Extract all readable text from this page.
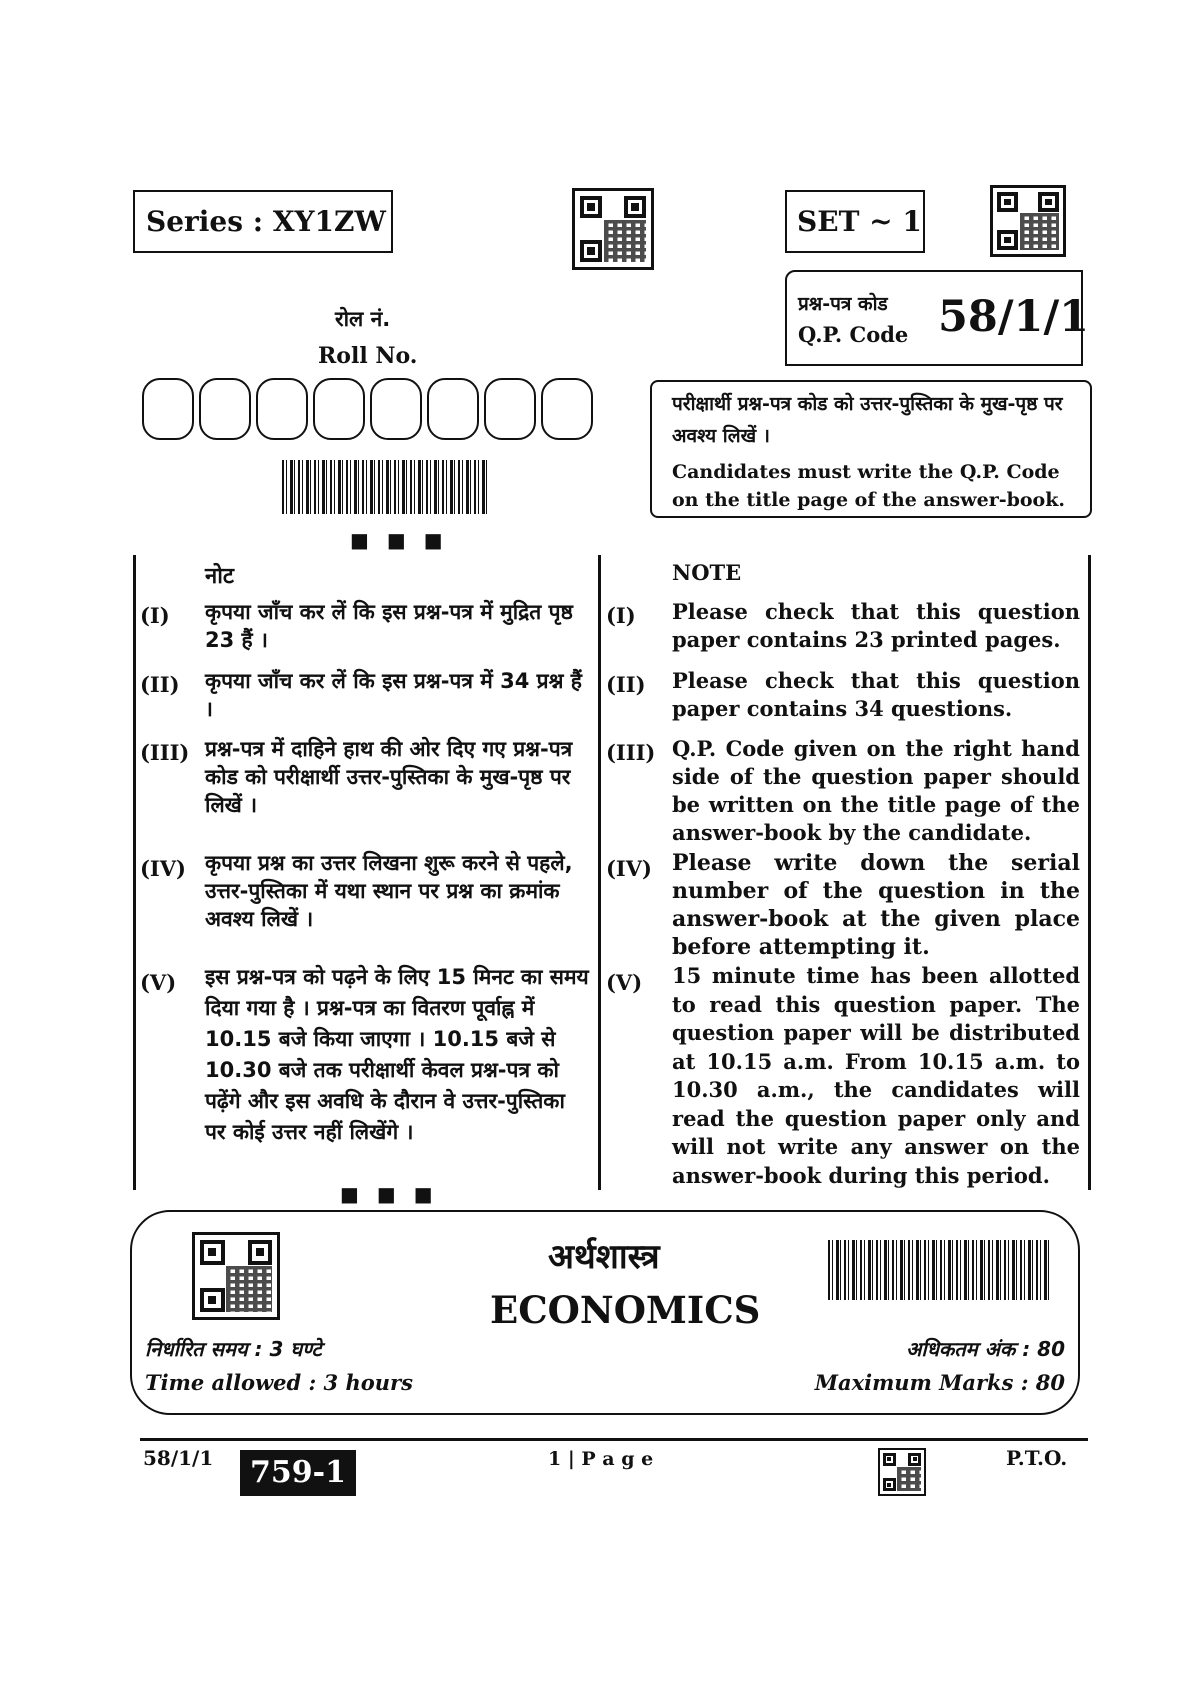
Series : XY1ZW	SET ~ 1
प्रश्न-पत्र कोड
Q.P. Code 58/1/1
रोल नं.
Roll No.
■■■
परीक्षार्थी प्रश्न-पत्र कोड को उत्तर-पुस्तिका के मुख-पृष्ठ पर अवश्य लिखें ।
Candidates must write the Q.P. Code on the title page of the answer-book.
नोट	NOTE
(I) कृपया जाँच कर लें कि इस प्रश्न-पत्र में मुद्रित पृष्ठ 23 हैं ।
(I) Please check that this question paper contains 23 printed pages.
(II) कृपया जाँच कर लें कि इस प्रश्न-पत्र में 34 प्रश्न हैं ।
(II) Please check that this question paper contains 34 questions.
(III) प्रश्न-पत्र में दाहिने हाथ की ओर दिए गए प्रश्न-पत्र कोड को परीक्षार्थी उत्तर-पुस्तिका के मुख-पृष्ठ पर लिखें ।
(III) Q.P. Code given on the right hand side of the question paper should be written on the title page of the answer-book by the candidate.
(IV) कृपया प्रश्न का उत्तर लिखना शुरू करने से पहले, उत्तर-पुस्तिका में यथा स्थान पर प्रश्न का क्रमांक अवश्य लिखें ।
(IV) Please write down the serial number of the question in the answer-book at the given place before attempting it.
(V) इस प्रश्न-पत्र को पढ़ने के लिए 15 मिनट का समय दिया गया है । प्रश्न-पत्र का वितरण पूर्वाह्न में 10.15 बजे किया जाएगा । 10.15 बजे से 10.30 बजे तक परीक्षार्थी केवल प्रश्न-पत्र को पढ़ेंगे और इस अवधि के दौरान वे उत्तर-पुस्तिका पर कोई उत्तर नहीं लिखेंगे ।
(V) 15 minute time has been allotted to read this question paper. The question paper will be distributed at 10.15 a.m. From 10.15 a.m. to 10.30 a.m., the candidates will read the question paper only and will not write any answer on the answer-book during this period.
■■■
अर्थशास्त्र
ECONOMICS
निर्धारित समय : 3 घण्टे
Time allowed : 3 hours
अधिकतम अंक : 80
Maximum Marks : 80
58/1/1	759-1	1 | P a g e	P.T.O.
